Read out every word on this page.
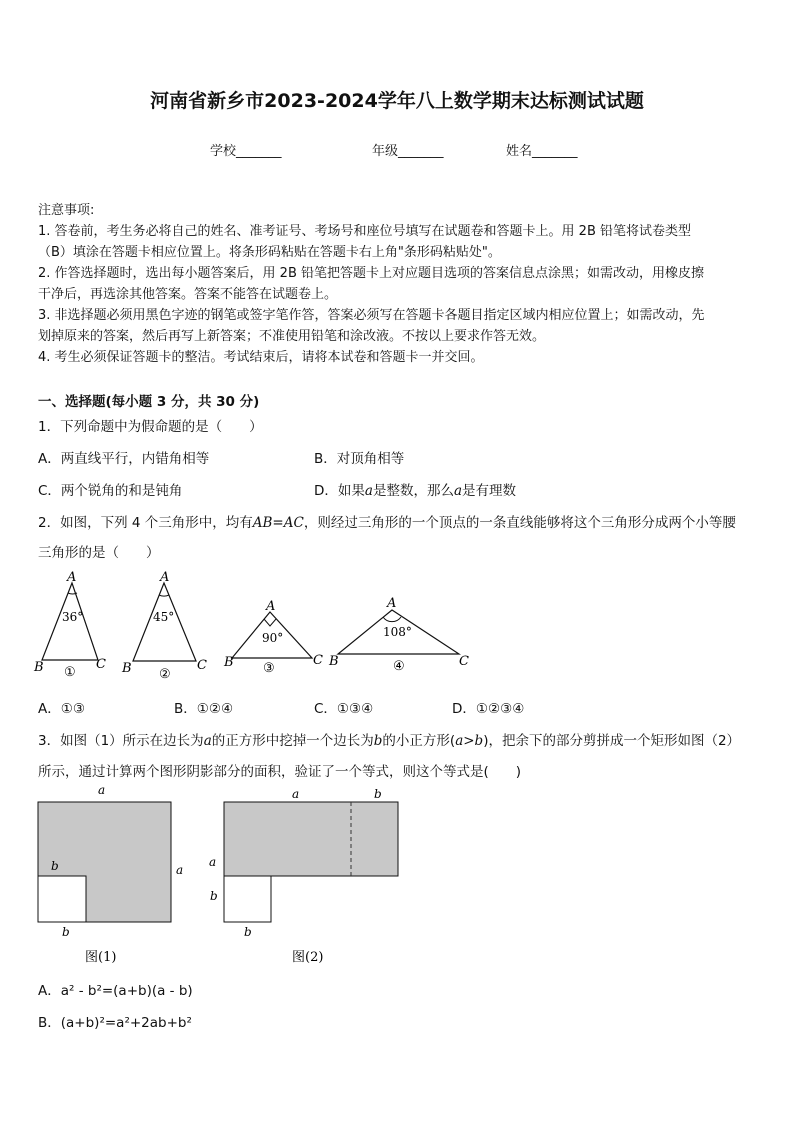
河南省新乡市2023-2024学年八上数学期末达标测试试题
学校_______	年级_______	姓名_______
注意事项:
1. 答卷前，考生务必将自己的姓名、准考证号、考场号和座位号填写在试题卷和答题卡上。用 2B 铅笔将试卷类型
（B）填涂在答题卡相应位置上。将条形码粘贴在答题卡右上角"条形码粘贴处"。
2. 作答选择题时，选出每小题答案后，用 2B 铅笔把答题卡上对应题目选项的答案信息点涂黑；如需改动，用橡皮擦
干净后，再选涂其他答案。答案不能答在试题卷上。
3. 非选择题必须用黑色字迹的钢笔或签字笔作答，答案必须写在答题卡各题目指定区域内相应位置上；如需改动，先
划掉原来的答案，然后再写上新答案；不准使用铅笔和涂改液。不按以上要求作答无效。
4. 考生必须保证答题卡的整洁。考试结束后，请将本试卷和答题卡一并交回。
一、选择题(每小题 3 分，共 30 分)
1．下列命题中为假命题的是（　　）
A．两直线平行，内错角相等	B．对顶角相等
C．两个锐角的和是钝角	D．如果a是整数，那么a是有理数
2．如图，下列 4 个三角形中，均有AB=AC，则经过三角形的一个顶点的一条直线能够将这个三角形分成两个小等腰
三角形的是（　　）
A
B	C
36°
①
A
B	C
45°
②
A
B	C
90°
③
A
B	C
108°
④
A．①③	B．①②④	C．①③④	D．①②③④
3．如图（1）所示在边长为a的正方形中挖掉一个边长为b的小正方形(a>b)，把余下的部分剪拼成一个矩形如图（2）
所示，通过计算两个图形阴影部分的面积，验证了一个等式，则这个等式是(　　)
a
a
b
b
图(1)
a	b
a
b
b
图(2)
A．a² - b²=(a+b)(a - b)
B．(a+b)²=a²+2ab+b²
